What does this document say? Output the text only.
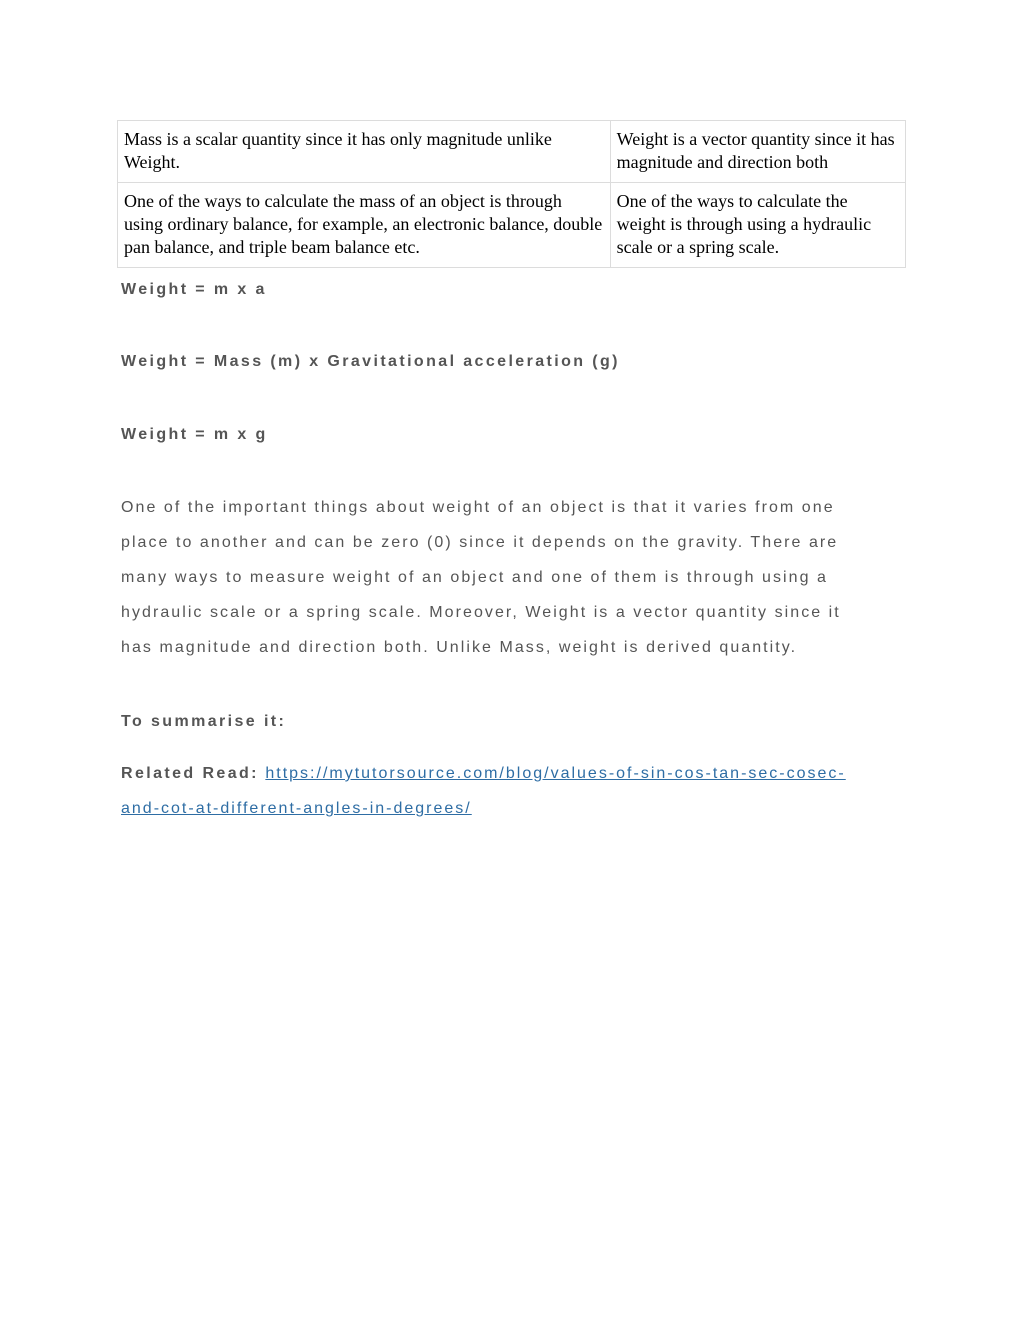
Mass is a scalar quantity since it has only magnitude unlike Weight.	Weight is a vector quantity since it has magnitude and direction both
One of the ways to calculate the mass of an object is through using ordinary balance, for example, an electronic balance, double pan balance, and triple beam balance etc.	One of the ways to calculate the weight is through using a hydraulic scale or a spring scale.

Weight = m x a

Weight = Mass (m) x Gravitational acceleration (g)

Weight = m x g

One of the important things about weight of an object is that it varies from one
place to another and can be zero (0) since it depends on the gravity. There are
many ways to measure weight of an object and one of them is through using a
hydraulic scale or a spring scale. Moreover, Weight is a vector quantity since it
has magnitude and direction both. Unlike Mass, weight is derived quantity.

To summarise it:

Related Read: https://mytutorsource.com/blog/values-of-sin-cos-tan-sec-cosec-
and-cot-at-different-angles-in-degrees/
